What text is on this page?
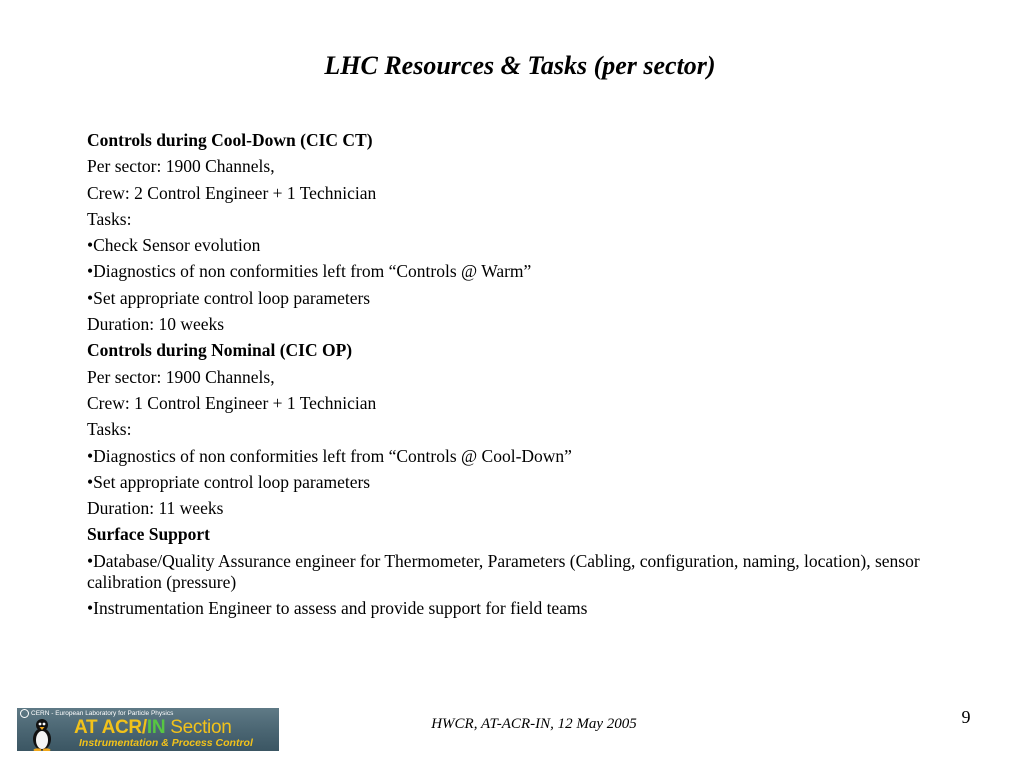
LHC Resources & Tasks (per sector)
Controls during Cool-Down (CIC CT)
Per sector: 1900 Channels,
Crew: 2 Control Engineer + 1 Technician
Tasks:
•Check Sensor evolution
•Diagnostics of non conformities left from “Controls @ Warm”
•Set appropriate control loop parameters
Duration: 10 weeks
Controls during Nominal (CIC OP)
Per sector: 1900 Channels,
Crew: 1 Control Engineer + 1 Technician
Tasks:
•Diagnostics of non conformities left from “Controls @ Cool-Down”
•Set appropriate control loop parameters
Duration: 11 weeks
Surface Support
•Database/Quality Assurance engineer for Thermometer, Parameters (Cabling, configuration, naming, location), sensor calibration (pressure)
•Instrumentation Engineer to assess and provide support for field teams
CERN - European Laboratory for Particle Physics
AT ACR/IN Section
Instrumentation & Process Control
HWCR, AT-ACR-IN, 12 May 2005	9
